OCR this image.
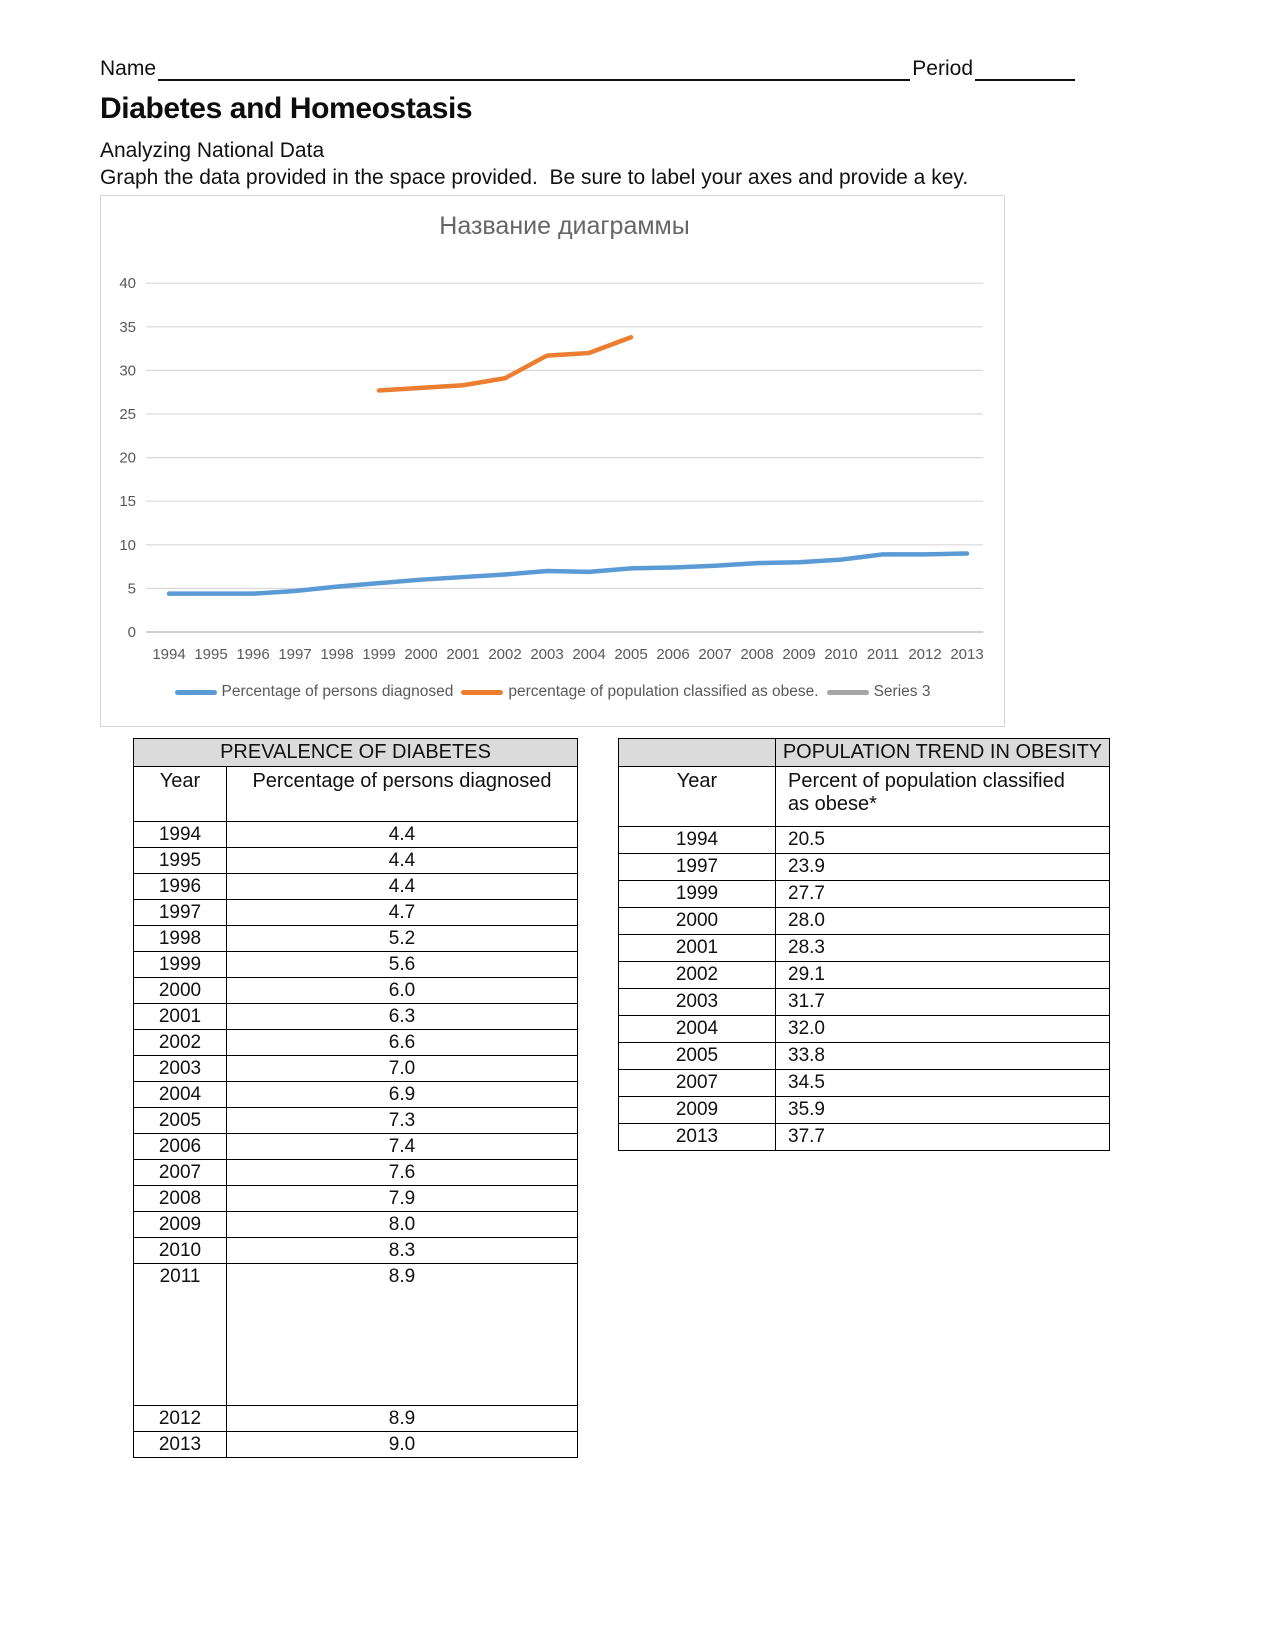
Name	Period
Diabetes and Homeostasis
Analyzing National Data
Graph the data provided in the space provided.  Be sure to label your axes and provide a key.
0
5
10
15
20
25
30
35
40
1994 1995 1996 1997 1998 1999 2000 2001 2002 2003 2004 2005 2006 2007 2008 2009 2010 2011 2012 2013
Название диаграммы
Percentage of persons diagnosed	percentage of population classified as obese.	Series 3
PREVALENCE OF DIABETES	
Year	Percentage of persons diagnosed
1994	4.4
1995	4.4
1996	4.4
1997	4.7
1998	5.2
1999	5.6
2000	6.0
2001	6.3
2002	6.6
2003	7.0
2004	6.9
2005	7.3
2006	7.4
2007	7.6
2008	7.9
2009	8.0
2010	8.3
2011	8.9
2012	8.9
2013	9.0
	POPULATION TREND IN OBESITY
Year	Percent of population classified as obese*
1994	20.5
1997	23.9
1999	27.7
2000	28.0
2001	28.3
2002	29.1
2003	31.7
2004	32.0
2005	33.8
2007	34.5
2009	35.9
2013	37.7
